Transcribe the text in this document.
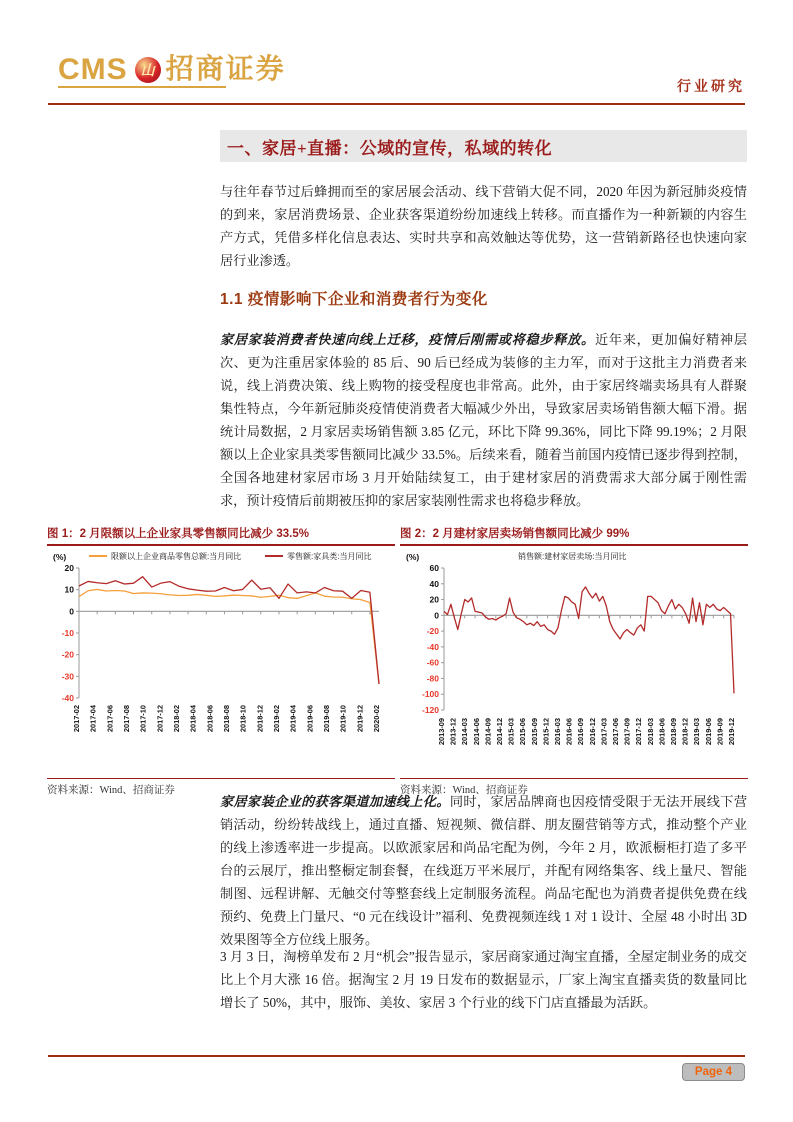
CMS 山 招商证券
行业研究
一、家居+直播：公域的宣传，私域的转化
与往年春节过后蜂拥而至的家居展会活动、线下营销大促不同，2020 年因为新冠肺炎疫情的到来，家居消费场景、企业获客渠道纷纷加速线上转移。而直播作为一种新颖的内容生产方式，凭借多样化信息表达、实时共享和高效触达等优势，这一营销新路径也快速向家居行业渗透。
1.1 疫情影响下企业和消费者行为变化
家居家装消费者快速向线上迁移，疫情后刚需或将稳步释放。近年来，更加偏好精神层次、更为注重居家体验的 85 后、90 后已经成为装修的主力军，而对于这批主力消费者来说，线上消费决策、线上购物的接受程度也非常高。此外，由于家居终端卖场具有人群聚集性特点，今年新冠肺炎疫情使消费者大幅减少外出，导致家居卖场销售额大幅下滑。据统计局数据，2 月家居卖场销售额 3.85 亿元，环比下降 99.36%，同比下降 99.19%；2 月限额以上企业家具类零售额同比减少 33.5%。后续来看，随着当前国内疫情已逐步得到控制，全国各地建材家居市场 3 月开始陆续复工，由于建材家居的消费需求大部分属于刚性需求，预计疫情后前期被压抑的家居家装刚性需求也将稳步释放。
图 1：2 月限额以上企业家具零售额同比减少 33.5%
(%)	限额以上企业商品零售总额:当月同比	零售额:家具类:当月同比
20
10
0
-10
-20
-30
-40
2017-02 2017-04 2017-06 2017-08 2017-10 2017-12 2018-02 2018-04 2018-06 2018-08 2018-10 2018-12 2019-02 2019-04 2019-06 2019-08 2019-10 2019-12 2020-02
资料来源：Wind、招商证券
图 2：2 月建材家居卖场销售额同比减少 99%
(%)	销售额:建材家居卖场:当月同比
60
40
20
0
-20
-40
-60
-80
-100
-120
2013-09 2013-12 2014-03 2014-06 2014-09 2014-12 2015-03 2015-06 2015-09 2015-12 2016-03 2016-06 2016-09 2016-12 2017-03 2017-06 2017-09 2017-12 2018-03 2018-06 2018-09 2018-12 2019-03 2019-06 2019-09 2019-12
资料来源：Wind、招商证券
家居家装企业的获客渠道加速线上化。同时，家居品牌商也因疫情受限于无法开展线下营销活动，纷纷转战线上，通过直播、短视频、微信群、朋友圈营销等方式，推动整个产业的线上渗透率进一步提高。以欧派家居和尚品宅配为例，今年 2 月，欧派橱柜打造了多平台的云展厅，推出整橱定制套餐，在线逛万平米展厅，并配有网络集客、线上量尺、智能制图、远程讲解、无触交付等整套线上定制服务流程。尚品宅配也为消费者提供免费在线预约、免费上门量尺、“0 元在线设计”福利、免费视频连线 1 对 1 设计、全屋 48 小时出 3D 效果图等全方位线上服务。
3 月 3 日，淘榜单发布 2 月“机会”报告显示，家居商家通过淘宝直播，全屋定制业务的成交比上个月大涨 16 倍。据淘宝 2 月 19 日发布的数据显示，厂家上淘宝直播卖货的数量同比增长了 50%，其中，服饰、美妆、家居 3 个行业的线下门店直播最为活跃。
Page 4
